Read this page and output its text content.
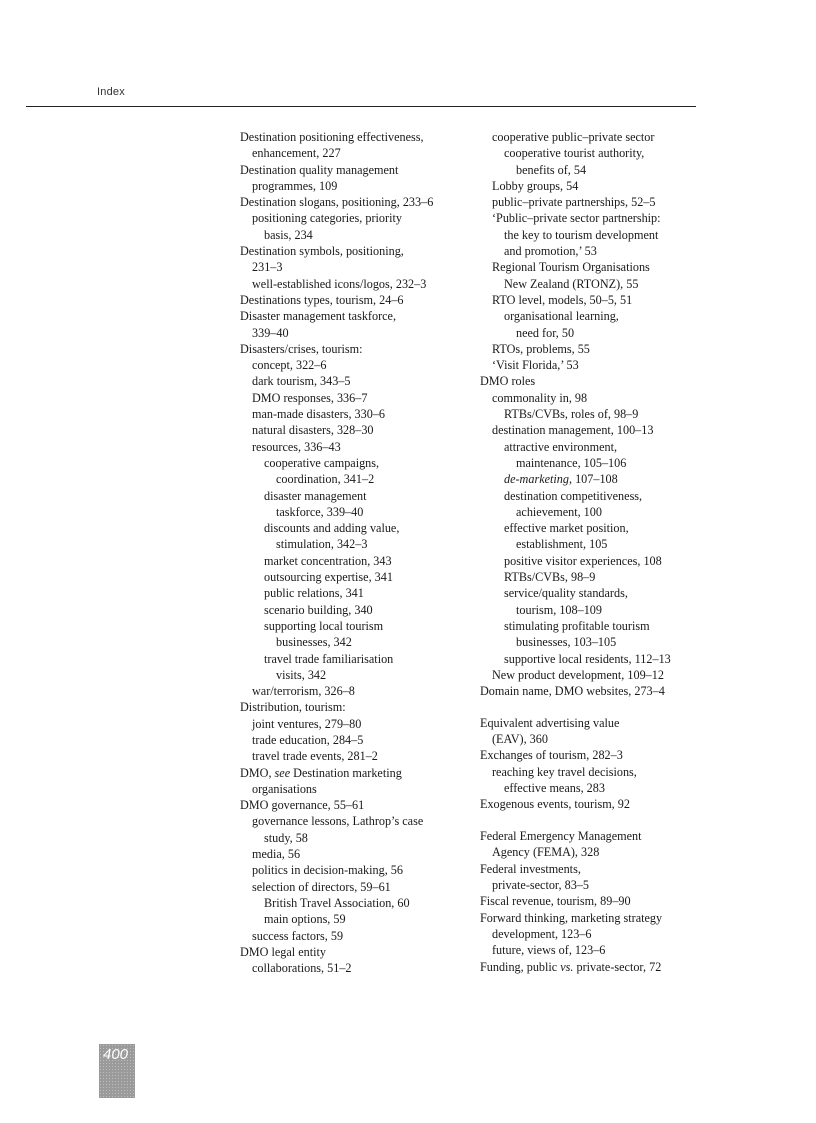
Index
Destination positioning effectiveness,
enhancement, 227
Destination quality management
programmes, 109
Destination slogans, positioning, 233–6
positioning categories, priority
basis, 234
Destination symbols, positioning,
231–3
well-established icons/logos, 232–3
Destinations types, tourism, 24–6
Disaster management taskforce,
339–40
Disasters/crises, tourism:
concept, 322–6
dark tourism, 343–5
DMO responses, 336–7
man-made disasters, 330–6
natural disasters, 328–30
resources, 336–43
cooperative campaigns,
coordination, 341–2
disaster management
taskforce, 339–40
discounts and adding value,
stimulation, 342–3
market concentration, 343
outsourcing expertise, 341
public relations, 341
scenario building, 340
supporting local tourism
businesses, 342
travel trade familiarisation
visits, 342
war/terrorism, 326–8
Distribution, tourism:
joint ventures, 279–80
trade education, 284–5
travel trade events, 281–2
DMO, see Destination marketing
organisations
DMO governance, 55–61
governance lessons, Lathrop’s case
study, 58
media, 56
politics in decision-making, 56
selection of directors, 59–61
British Travel Association, 60
main options, 59
success factors, 59
DMO legal entity
collaborations, 51–2
cooperative public–private sector
cooperative tourist authority,
benefits of, 54
Lobby groups, 54
public–private partnerships, 52–5
‘Public–private sector partnership:
the key to tourism development
and promotion,’ 53
Regional Tourism Organisations
New Zealand (RTONZ), 55
RTO level, models, 50–5, 51
organisational learning,
need for, 50
RTOs, problems, 55
‘Visit Florida,’ 53
DMO roles
commonality in, 98
RTBs/CVBs, roles of, 98–9
destination management, 100–13
attractive environment,
maintenance, 105–106
de-marketing, 107–108
destination competitiveness,
achievement, 100
effective market position,
establishment, 105
positive visitor experiences, 108
RTBs/CVBs, 98–9
service/quality standards,
tourism, 108–109
stimulating profitable tourism
businesses, 103–105
supportive local residents, 112–13
New product development, 109–12
Domain name, DMO websites, 273–4
Equivalent advertising value
(EAV), 360
Exchanges of tourism, 282–3
reaching key travel decisions,
effective means, 283
Exogenous events, tourism, 92
Federal Emergency Management
Agency (FEMA), 328
Federal investments,
private-sector, 83–5
Fiscal revenue, tourism, 89–90
Forward thinking, marketing strategy
development, 123–6
future, views of, 123–6
Funding, public vs. private-sector, 72
400
